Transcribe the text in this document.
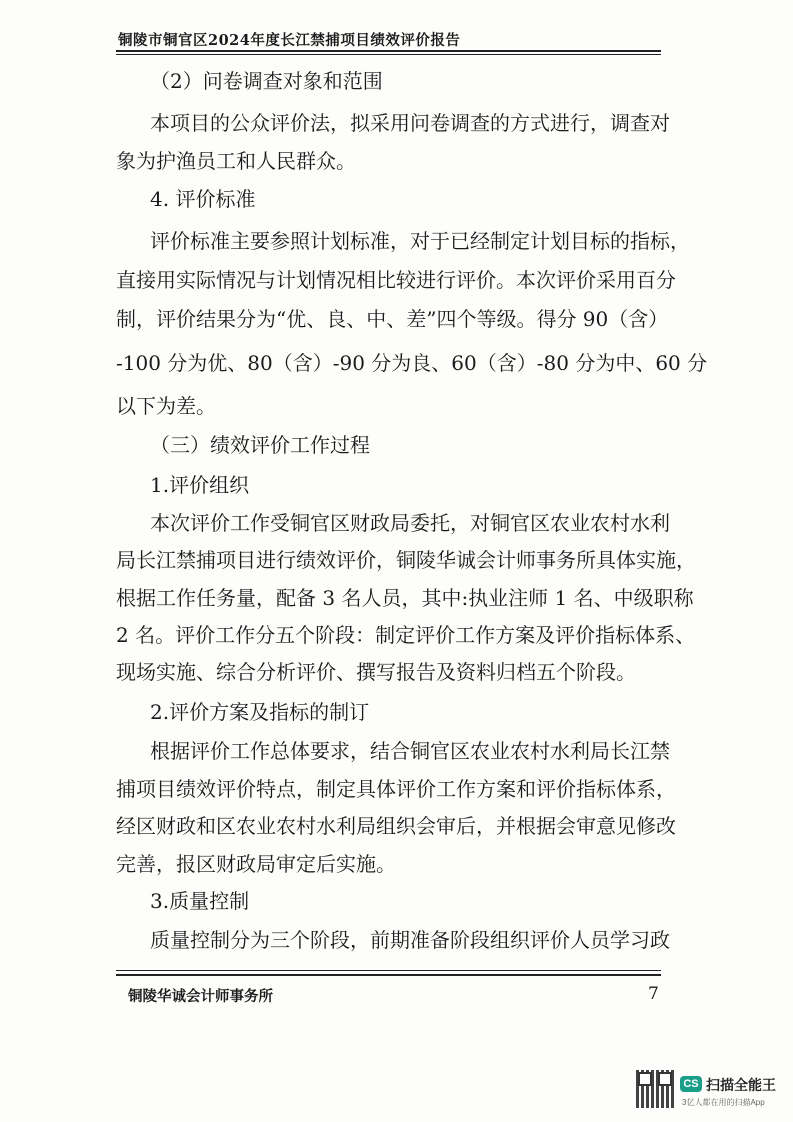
铜陵市铜官区2024年度长江禁捕项目绩效评价报告
（2）问卷调查对象和范围
本项目的公众评价法，拟采用问卷调查的方式进行，调查对
象为护渔员工和人民群众。
4. 评价标准
评价标准主要参照计划标准，对于已经制定计划目标的指标，
直接用实际情况与计划情况相比较进行评价。本次评价采用百分
制，评价结果分为“优、良、中、差”四个等级。得分 90（含）
-100 分为优、80（含）-90 分为良、60（含）-80 分为中、60 分
以下为差。
（三）绩效评价工作过程
1.评价组织
本次评价工作受铜官区财政局委托，对铜官区农业农村水利
局长江禁捕项目进行绩效评价，铜陵华诚会计师事务所具体实施，
根据工作任务量，配备 3 名人员，其中:执业注师 1 名、中级职称
2 名。评价工作分五个阶段：制定评价工作方案及评价指标体系、
现场实施、综合分析评价、撰写报告及资料归档五个阶段。
2.评价方案及指标的制订
根据评价工作总体要求，结合铜官区农业农村水利局长江禁
捕项目绩效评价特点，制定具体评价工作方案和评价指标体系，
经区财政和区农业农村水利局组织会审后，并根据会审意见修改
完善，报区财政局审定后实施。
3.质量控制
质量控制分为三个阶段，前期准备阶段组织评价人员学习政
铜陵华诚会计师事务所	7
CS 扫描全能王
3亿人都在用的扫描App
